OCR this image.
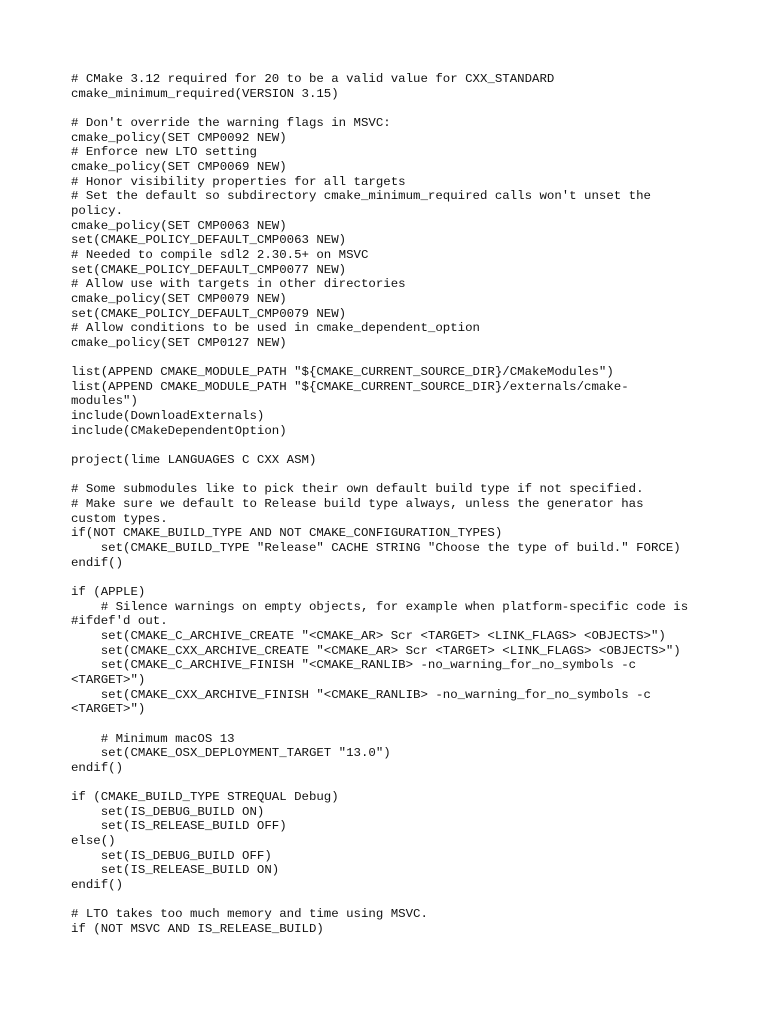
# CMake 3.12 required for 20 to be a valid value for CXX_STANDARD
cmake_minimum_required(VERSION 3.15)
# Don't override the warning flags in MSVC:
cmake_policy(SET CMP0092 NEW)
# Enforce new LTO setting
cmake_policy(SET CMP0069 NEW)
# Honor visibility properties for all targets
# Set the default so subdirectory cmake_minimum_required calls won't unset the
policy.
cmake_policy(SET CMP0063 NEW)
set(CMAKE_POLICY_DEFAULT_CMP0063 NEW)
# Needed to compile sdl2 2.30.5+ on MSVC
set(CMAKE_POLICY_DEFAULT_CMP0077 NEW)
# Allow use with targets in other directories
cmake_policy(SET CMP0079 NEW)
set(CMAKE_POLICY_DEFAULT_CMP0079 NEW)
# Allow conditions to be used in cmake_dependent_option
cmake_policy(SET CMP0127 NEW)
list(APPEND CMAKE_MODULE_PATH "${CMAKE_CURRENT_SOURCE_DIR}/CMakeModules")
list(APPEND CMAKE_MODULE_PATH "${CMAKE_CURRENT_SOURCE_DIR}/externals/cmake-
modules")
include(DownloadExternals)
include(CMakeDependentOption)
project(lime LANGUAGES C CXX ASM)
# Some submodules like to pick their own default build type if not specified.
# Make sure we default to Release build type always, unless the generator has
custom types.
if(NOT CMAKE_BUILD_TYPE AND NOT CMAKE_CONFIGURATION_TYPES)
set(CMAKE_BUILD_TYPE "Release" CACHE STRING "Choose the type of build." FORCE)
endif()
if (APPLE)
# Silence warnings on empty objects, for example when platform-specific code is
#ifdef'd out.
set(CMAKE_C_ARCHIVE_CREATE "<CMAKE_AR> Scr <TARGET> <LINK_FLAGS> <OBJECTS>")
set(CMAKE_CXX_ARCHIVE_CREATE "<CMAKE_AR> Scr <TARGET> <LINK_FLAGS> <OBJECTS>")
set(CMAKE_C_ARCHIVE_FINISH "<CMAKE_RANLIB> -no_warning_for_no_symbols -c
<TARGET>")
set(CMAKE_CXX_ARCHIVE_FINISH "<CMAKE_RANLIB> -no_warning_for_no_symbols -c
<TARGET>")
# Minimum macOS 13
set(CMAKE_OSX_DEPLOYMENT_TARGET "13.0")
endif()
if (CMAKE_BUILD_TYPE STREQUAL Debug)
set(IS_DEBUG_BUILD ON)
set(IS_RELEASE_BUILD OFF)
else()
set(IS_DEBUG_BUILD OFF)
set(IS_RELEASE_BUILD ON)
endif()
# LTO takes too much memory and time using MSVC.
if (NOT MSVC AND IS_RELEASE_BUILD)
